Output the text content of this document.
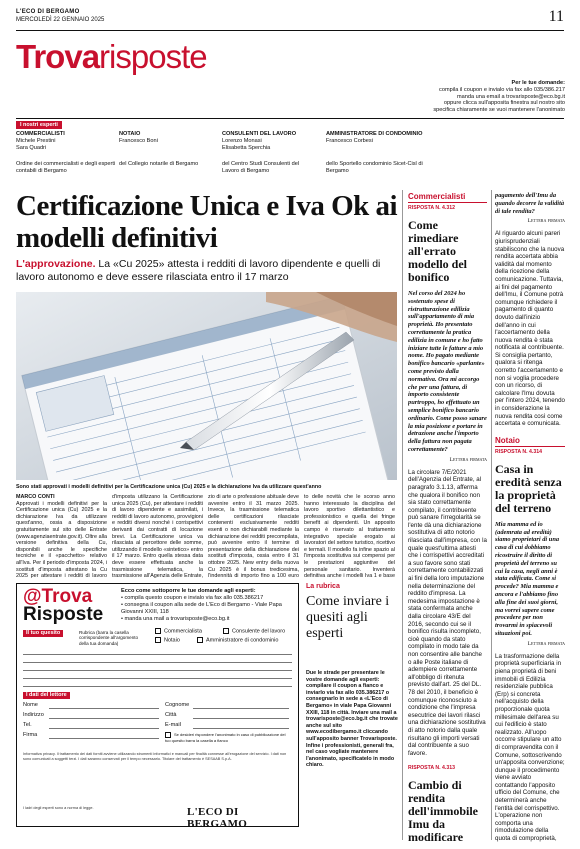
L'ECO DI BERGAMO
MERCOLEDÌ 22 GENNAIO 2025	11
Trovarisposte
Per le tue domande:
compila il coupon e invialo via fax allo 035/386.217
manda una email a trovarisposte@eco.bg.it
oppure clicca sull'apposita finestra sul nostro sito
specifica chiaramente se vuoi mantenere l'anonimato
I nostri esperti
COMMERCIALISTI
Michele Prestini
Sara Quadri
Ordine dei commercialisti e degli esperti contabili di Bergamo
NOTAIO
Francesco Boni
del Collegio notarile di Bergamo
CONSULENTI DEL LAVORO
Lorenzo Monasi
Elisabetta Sperchia
del Centro Studi Consulenti del Lavoro di Bergamo
AMMINISTRATORE DI CONDOMINIO
Francesco Corbesi
dello Sportello condominio Sicet-Cisl di Bergamo
Certificazione Unica e Iva Ok ai modelli definitivi
L'approvazione. La «Cu 2025» attesta i redditi di lavoro dipendente e quelli di lavoro autonomo e deve essere rilasciata entro il 17 marzo
Sono stati approvati i modelli definitivi per la Certificazione unica (Cu) 2025 e la dichiarazione Iva da utilizzare quest'anno
MARCO CONTI
Approvati i modelli definitivi per la Certificazione unica (Cu) 2025 e la dichiarazione Iva da utilizzare quest'anno, ossia a disposizione gratuitamente sul sito delle Entrate (www.agenziaentrate.gov.it). Oltre alla versione definitiva della Cu, disponibili anche le specifiche tecniche e il «pacchetto» relativo all'Iva. Per il periodo d'imposta 2024, i sostituti d'imposta attestano la Cu 2025 per attestare i redditi di lavoro
d'imposta utilizzano la Certificazione unica 2025 (Cu), per attestare i redditi di lavoro dipendente e assimilati, i redditi di lavoro autonomo, provvigioni e redditi diversi nonché i corrispettivi derivanti dai contratti di locazione brevi. La Certificazione unica va rilasciata al percettore delle somme, utilizzando il modello «sintetico» entro il 17 marzo. Entro quella stessa data deve essere effettuata anche la trasmissione telematica, la trasmissione all'Agenzia delle Entrate,
zio di arte o professione abituale deve avvenire entro il 31 marzo 2025. Invece, la trasmissione telematica delle certificazioni rilasciate contenenti esclusivamente redditi esenti o non dichiarabili mediante la dichiarazione dei redditi precompilata, può avvenire entro il termine di presentazione della dichiarazione dei sostituti d'imposta, ossia entro il 31 ottobre 2025. New entry della nuova Cu 2025 è il bonus tredicesima, l'indennità di importo fino a 100 euro
to delle novità che le scorso anno hanno interessato la disciplina del lavoro sportivo dilettantistico e professionistico e quella dei fringe benefit ai dipendenti. Un apposito campo è riservato al trattamento integrativo speciale erogato ai lavoratori del settore turistico, ricettivo e termali. Il modello fa infine spazio al l'imposta sostitutiva sui compensi per le prestazioni aggiuntive del personale sanitario. Inventerà definitiva anche i modelli Iva 1 e base
@Trova
Risposte
Ecco come sottoporre le tue domande agli esperti:
• compila questo coupon e invialo via fax allo 035.386217
• consegna il coupon alla sede de L'Eco di Bergamo - Viale Papa Giovanni XXIII, 118
• manda una mail a trovarisposte@eco.bg.it
Il tuo quesito	Rubrica (barra la casella corrispondente all'argomento della tua domanda)
Commercialista	Consulente del lavoro
Notaio	Amministratore di condominio
I dati del lettore
Nome	Cognome
Indirizzo	Città
Tel.	E-mail
Firma	Se desideri rispondere l'anonimato in caso di pubblicazione del tuo quesito barra la casella a fianco
Informativa privacy. Il trattamento dei dati forniti avviene utilizzando strumenti informatici e manuali per finalità connesse all'erogazione del servizio. I dati non sono comunicati a soggetti terzi. I dati saranno conservati per il tempo necessario. Titolare del trattamento è SESAAB S.p.A.
I ladri degli esperti sono a norma di legge.	L'ECO DI BERGAMO
La rubrica
Come inviare i quesiti agli esperti
Due le strade per presentare le vostre domande agli esperti: compilare il coupon a fianco e inviarlo via fax allo 035.386217 o consegnarlo in sede a «L'Eco di Bergamo» in viale Papa Giovanni XXIII, 118 in città. Inviare una mail a trovarisposte@eco.bg.it che trovate anche sul sito www.ecodibergamo.it cliccando sull'apposito banner Trovarisposte. Infine i professionisti, generali fra, nel caso vogliate mantenere l'anonimato, specificatelo in modo chiaro.
Commercialisti
RISPOSTA N. 4.312
Come rimediare all'errato modello del bonifico
Nel corso del 2024 ho sostenuto spese di ristrutturazione edilizia sull'appartamento di mia proprietà. Ho presentato correttamente la pratica edilizia in comune e ho fatto iniziare tutte le fatture a mio nome. Ho pagato mediante bonifico bancario «parlante» come previsto dalla normativa. Ora mi accorgo che per una fattura, di importo consistente purtroppo, ho effettuato un semplice bonifico bancario ordinario. Come posso sanare la mia posizione e portare in detrazione anche l'importo della fattura non pagata correttamente?
Lettera firmata
La circolare 7/E/2021 dell'Agenzia del Entrate, al paragrafo 3.1.13, afferma che qualora il bonifico non sia stato correttamente compilato, il contribuente può sanare l'irregolarità se l'ente dà una dichiarazione sostitutiva di atto notorio rilasciata dall'impresa, con la quale quest'ultima attesti che i corrispettivi accreditati a suo favore sono stati correttamente contabilizzati ai fini della loro imputazione nella determinazione del reddito d'impresa. La medesima impostazione è stata confermata anche dalla circolare 43/E del 2016, secondo cui se il bonifico risulta incompleto, cioè quando da stato compilato in modo tale da non consentire alle banche o alle Poste italiane di adempiere correttamente all'obbligo di ritenuta previsto dall'art. 25 del DL. 78 del 2010, il beneficio è comunque riconosciuto a condizione che l'impresa esecutrice dei lavori rilasci una dichiarazione sostitutiva di atto notorio dalla quale risultano gli importi versati dal contribuente a suo favore.
RISPOSTA N. 4.313
Cambio di rendita dell'immobile Imu da modificare
pagamento dell'Imu da quando decorre la validità di tale rendita?
Lettera firmata
Al riguardo alcuni pareri giurisprudenziali stabiliscono che la nuova rendita accertata abbia validità dal momento della ricezione della comunicazione. Tuttavia, ai fini del pagamento dell'Imu, il Comune potrà comunque richiedere il pagamento di quanto dovuto dall'inizio dell'anno in cui l'accertamento della nuova rendita è stata notificata al contribuente. Si consiglia pertanto, qualora si ritenga corretto l'accertamento e non si voglia procedere con un ricorso, di calcolare l'Imu dovuta per l'intero 2024, tenendo in considerazione la nuova rendita così come accertata e comunicata.
Notaio
RISPOSTA N. 4.314
Casa in eredità senza la proprietà del terreno
Mia mamma ed io (ademrata ad eredità) siamo proprietari di una casa di cui dobbiamo ricostruire il diritto di proprietà del terreno su cui la casa, negli anni è stata edificata. Come si procede? Mia mamma e ancora e l'abbiamo fino alla fine dei suoi giorni, ma vorrei sapere come procedere per non trovarmi in spiacevoli situazioni poi.
Lettera firmata
La trasformazione della proprietà superficiaria in piena proprietà di beni immobili di Edilizia residenziale pubblica (Erp) si concreta nell'acquisto della proporzionale quota millesimale dell'area su cui l'edificio è stato realizzato. All'uopo occorre stipulare un atto di compravendita con il Comune, sottoscrivendo un'apposita convenzione; dunque il procedimento viene avviato contattando l'apposito ufficio del Comune, che determinerà anche l'entità del corrispettivo. L'operazione non comporta una rimodulazione della quota di comproprietà,
